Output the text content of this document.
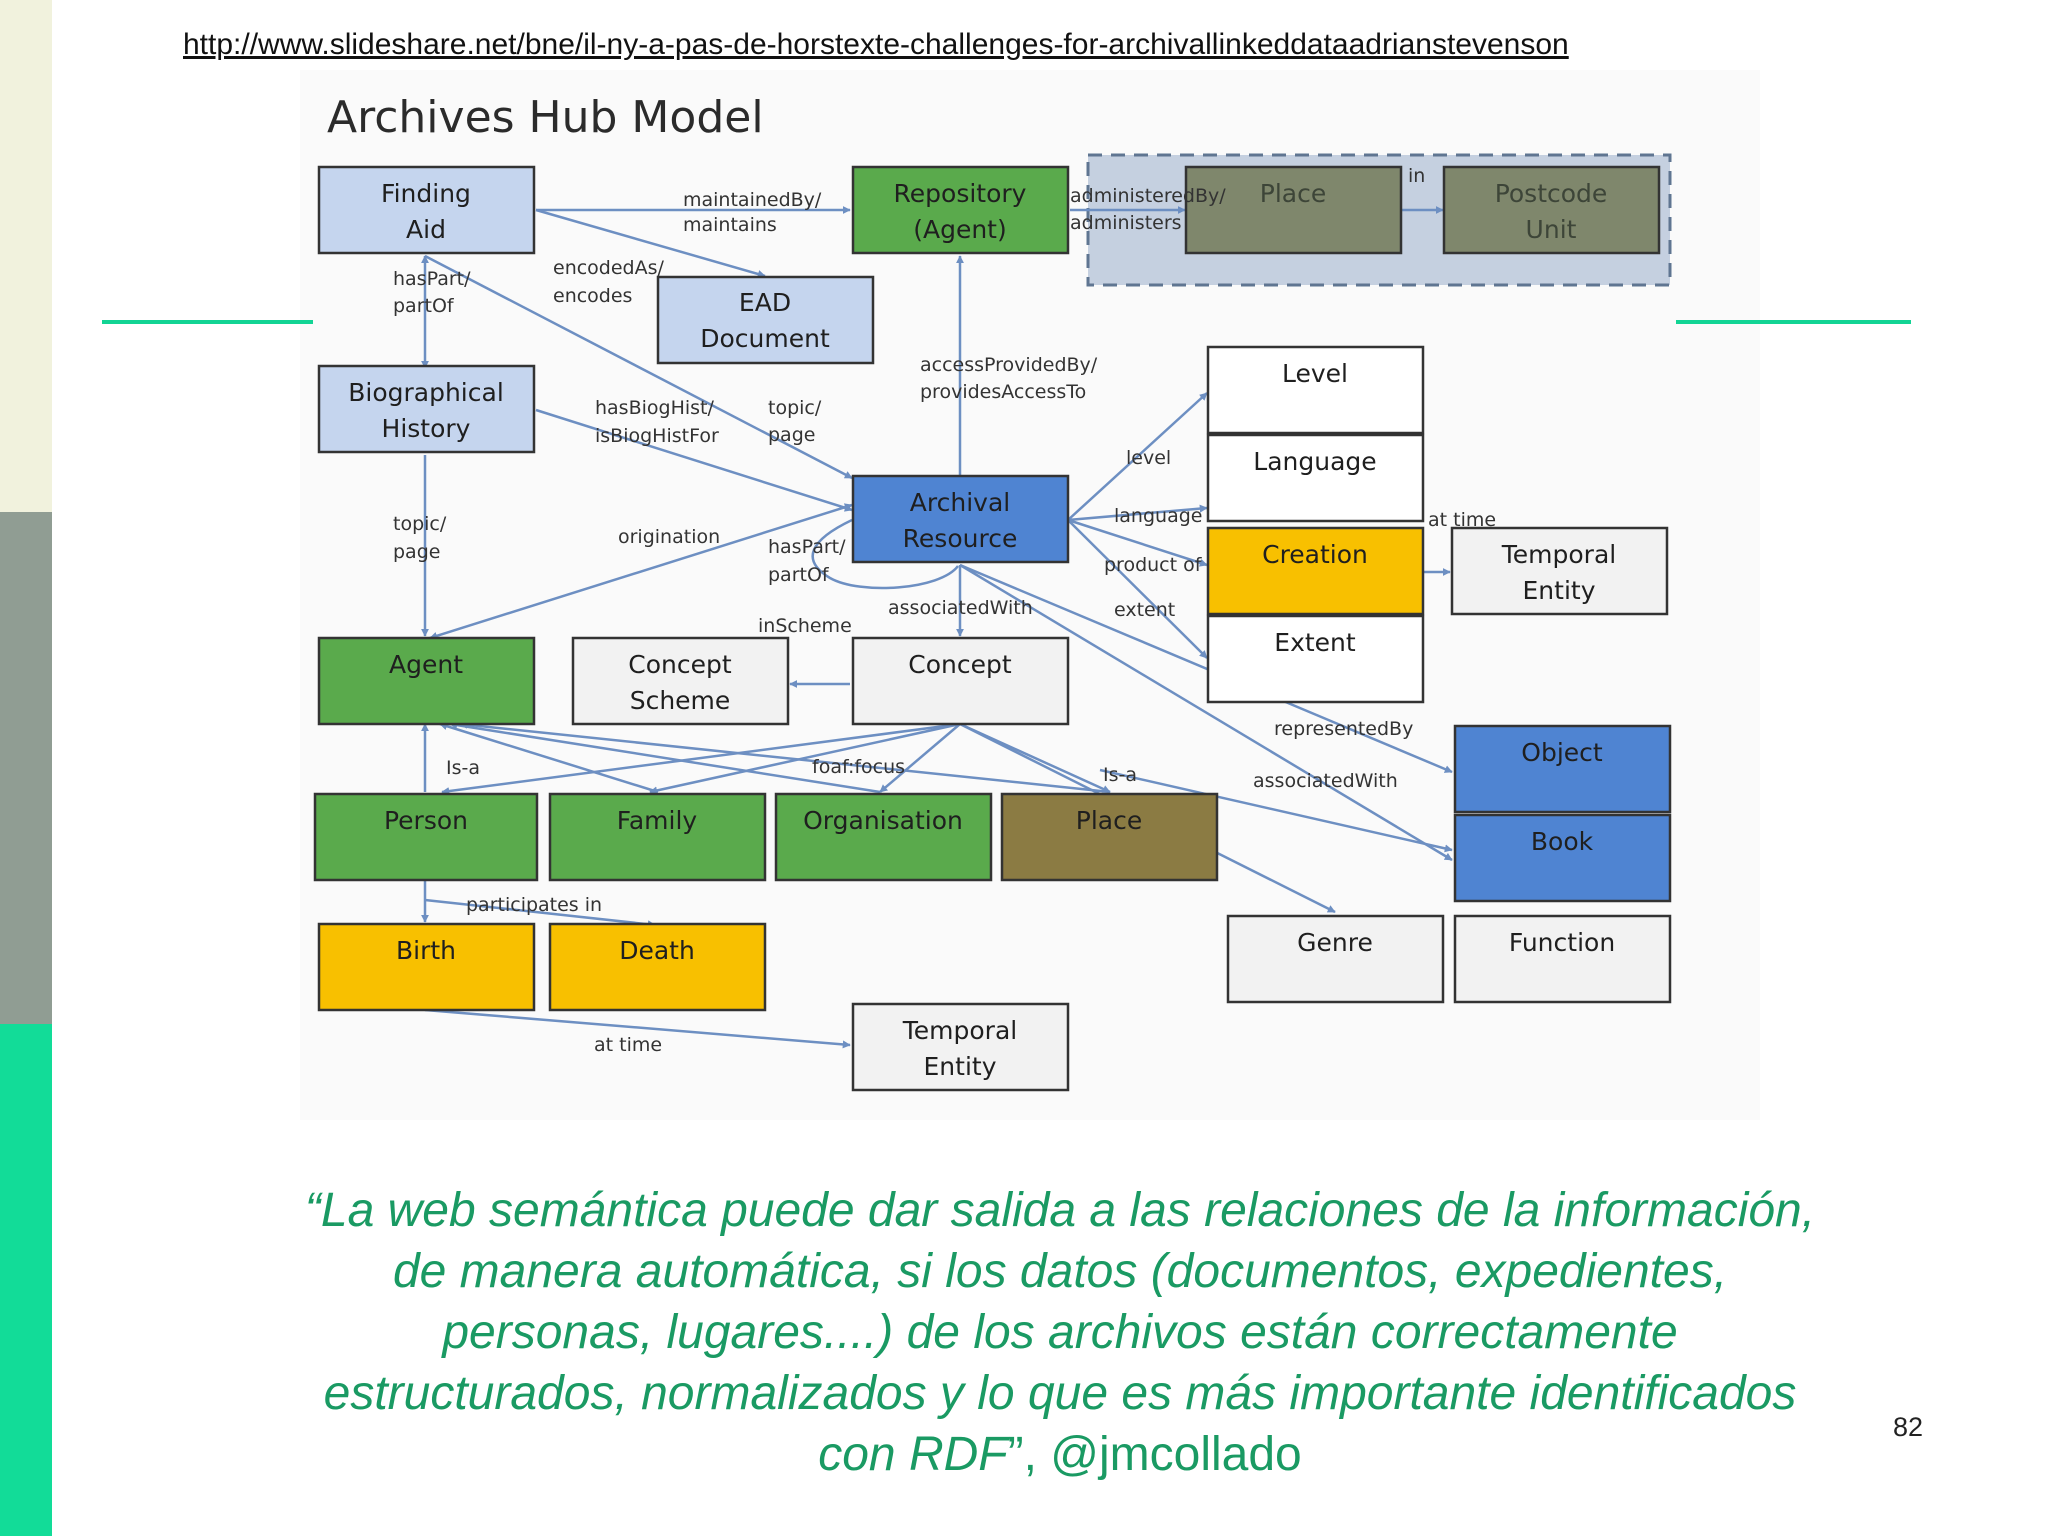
http://www.slideshare.net/bne/il-ny-a-pas-de-horstexte-challenges-for-archivallinkeddataadrianstevenson
Archives Hub Model
Finding
Aid
Repository
(Agent)
Place	Postcode
Unit
EAD
Document
Biographical
History
Archival
Resource
Level
Language
Creation
Extent
Temporal
Entity
Agent	Concept
Scheme
Concept
Object
Book
Person	Family	Organisation	Place
Genre	Function
Birth	Death
Temporal
Entity
maintainedBy/
maintains
administeredBy/
administers
in
encodedAs/
encodes
hasPart/
partOf
accessProvidedBy/
providesAccessTo
hasBiogHist/
isBiogHistFor
topic/
page
level
topic/
page
origination	hasPart/
partOf
language	at time
product of
extent
associatedWith
inScheme
representedBy
Is-a	foaf:focus	Is-a	associatedWith
participates in
at time
“La web semántica puede dar salida a las relaciones de la información, de manera automática, si los datos (documentos, expedientes, personas, lugares....) de los archivos están correctamente estructurados, normalizados y lo que es más importante identificados con RDF”, @jmcollado
82
